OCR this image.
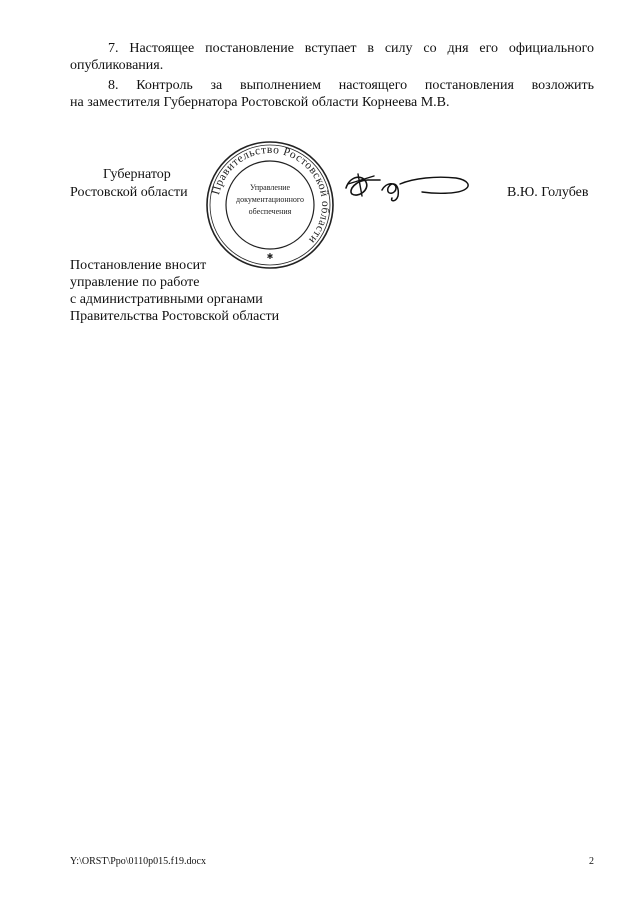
7. Настоящее постановление вступает в силу со дня его официального
опубликования.
8. Контроль за выполнением настоящего постановления возложить
на заместителя Губернатора Ростовской области Корнеева М.В.
Губернатор
Ростовской области	В.Ю. Голубев
Правительство Ростовской области
Управление
документационного
обеспечения
✱
Постановление вносит
управление по работе
с административными органами
Правительства Ростовской области
Y:\ORST\Ppo\0110p015.f19.docx	2
